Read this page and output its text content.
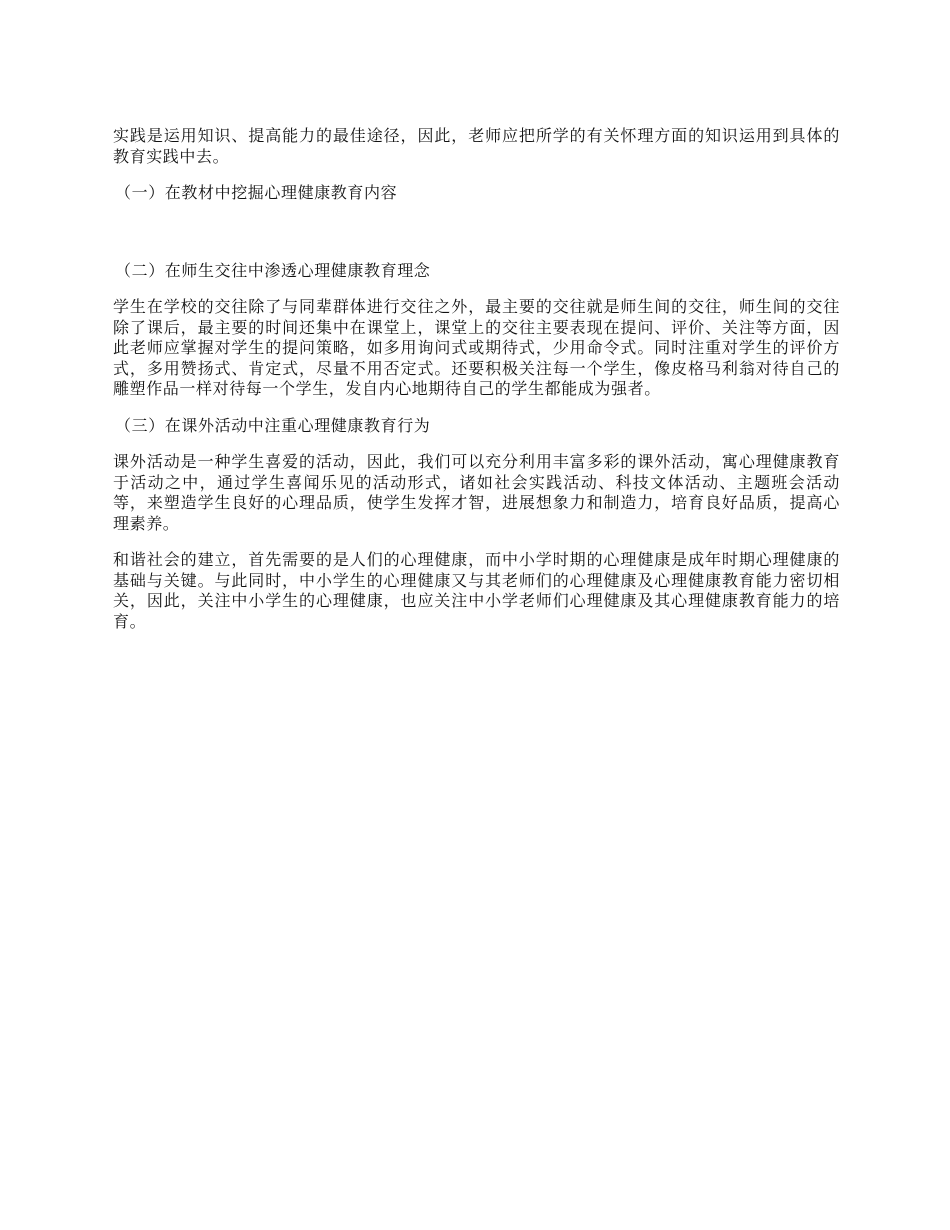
实践是运用知识、提高能力的最佳途径，因此，老师应把所学的有关怀理方面的知识运用到具体的教育实践中去。

（一）在教材中挖掘心理健康教育内容

（二）在师生交往中渗透心理健康教育理念

学生在学校的交往除了与同辈群体进行交往之外，最主要的交往就是师生间的交往，师生间的交往除了课后，最主要的时间还集中在课堂上，课堂上的交往主要表现在提问、评价、关注等方面，因此老师应掌握对学生的提问策略，如多用询问式或期待式，少用命令式。同时注重对学生的评价方式，多用赞扬式、肯定式，尽量不用否定式。还要积极关注每一个学生，像皮格马利翁对待自己的雕塑作品一样对待每一个学生，发自内心地期待自己的学生都能成为强者。

（三）在课外活动中注重心理健康教育行为

课外活动是一种学生喜爱的活动，因此，我们可以充分利用丰富多彩的课外活动，寓心理健康教育于活动之中，通过学生喜闻乐见的活动形式，诸如社会实践活动、科技文体活动、主题班会活动等，来塑造学生良好的心理品质，使学生发挥才智，进展想象力和制造力，培育良好品质，提高心理素养。

和谐社会的建立，首先需要的是人们的心理健康，而中小学时期的心理健康是成年时期心理健康的基础与关键。与此同时，中小学生的心理健康又与其老师们的心理健康及心理健康教育能力密切相关，因此，关注中小学生的心理健康，也应关注中小学老师们心理健康及其心理健康教育能力的培育。
